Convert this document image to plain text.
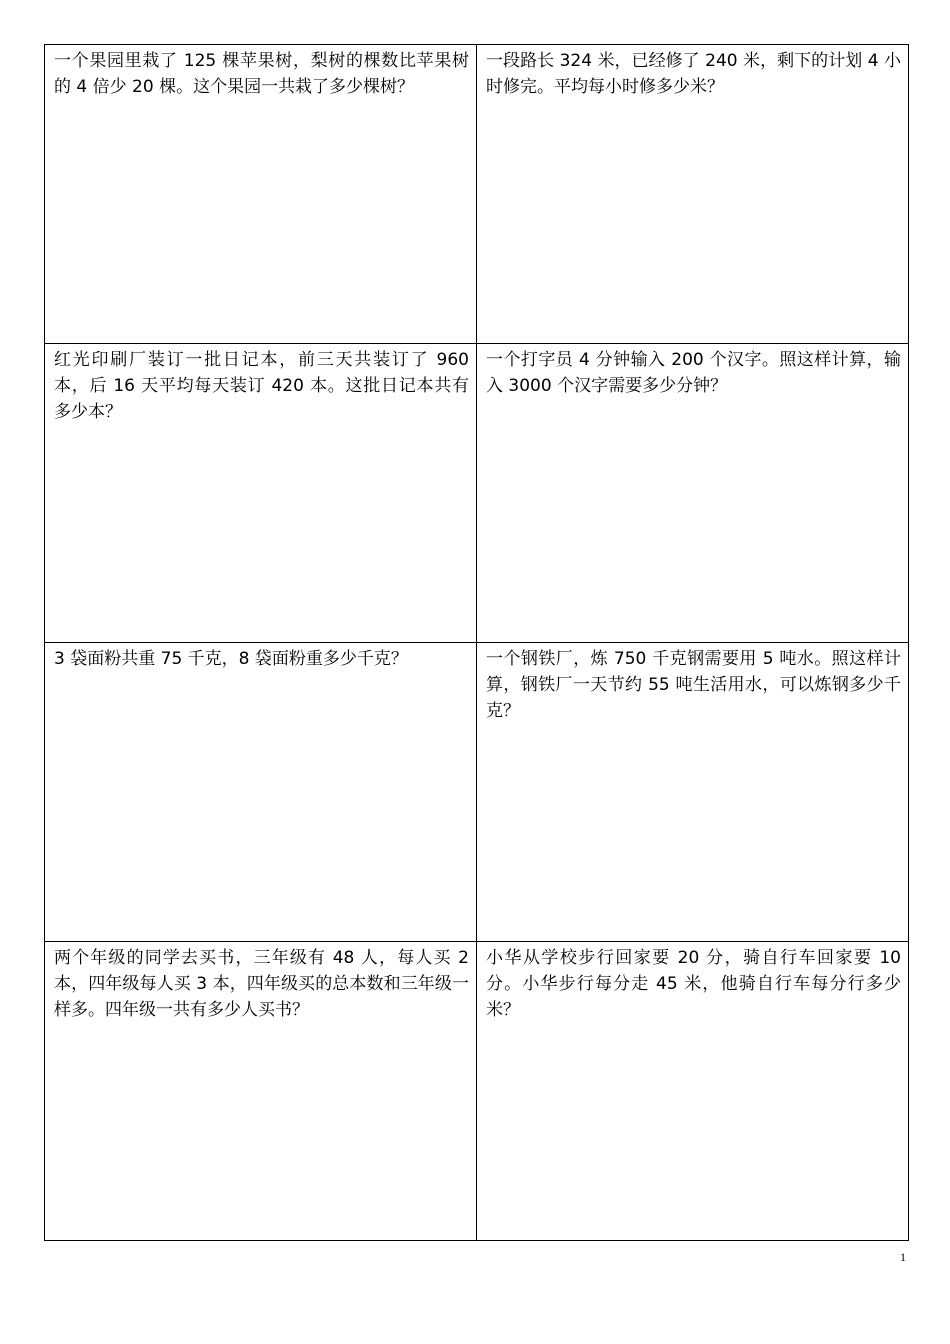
一个果园里栽了 125 棵苹果树，梨树的棵数比苹果树的 4 倍少 20 棵。这个果园一共栽了多少棵树？	一段路长 324 米，已经修了 240 米，剩下的计划 4 小时修完。平均每小时修多少米？

红光印刷厂装订一批日记本，前三天共装订了 960 本，后 16 天平均每天装订 420 本。这批日记本共有多少本？	一个打字员 4 分钟输入 200 个汉字。照这样计算，输入 3000 个汉字需要多少分钟？

3 袋面粉共重 75 千克，8 袋面粉重多少千克？	一个钢铁厂，炼 750 千克钢需要用 5 吨水。照这样计算，钢铁厂一天节约 55 吨生活用水，可以炼钢多少千克？

两个年级的同学去买书，三年级有 48 人，每人买 2 本，四年级每人买 3 本，四年级买的总本数和三年级一样多。四年级一共有多少人买书？	小华从学校步行回家要 20 分，骑自行车回家要 10 分。小华步行每分走 45 米，他骑自行车每分行多少米？
1
